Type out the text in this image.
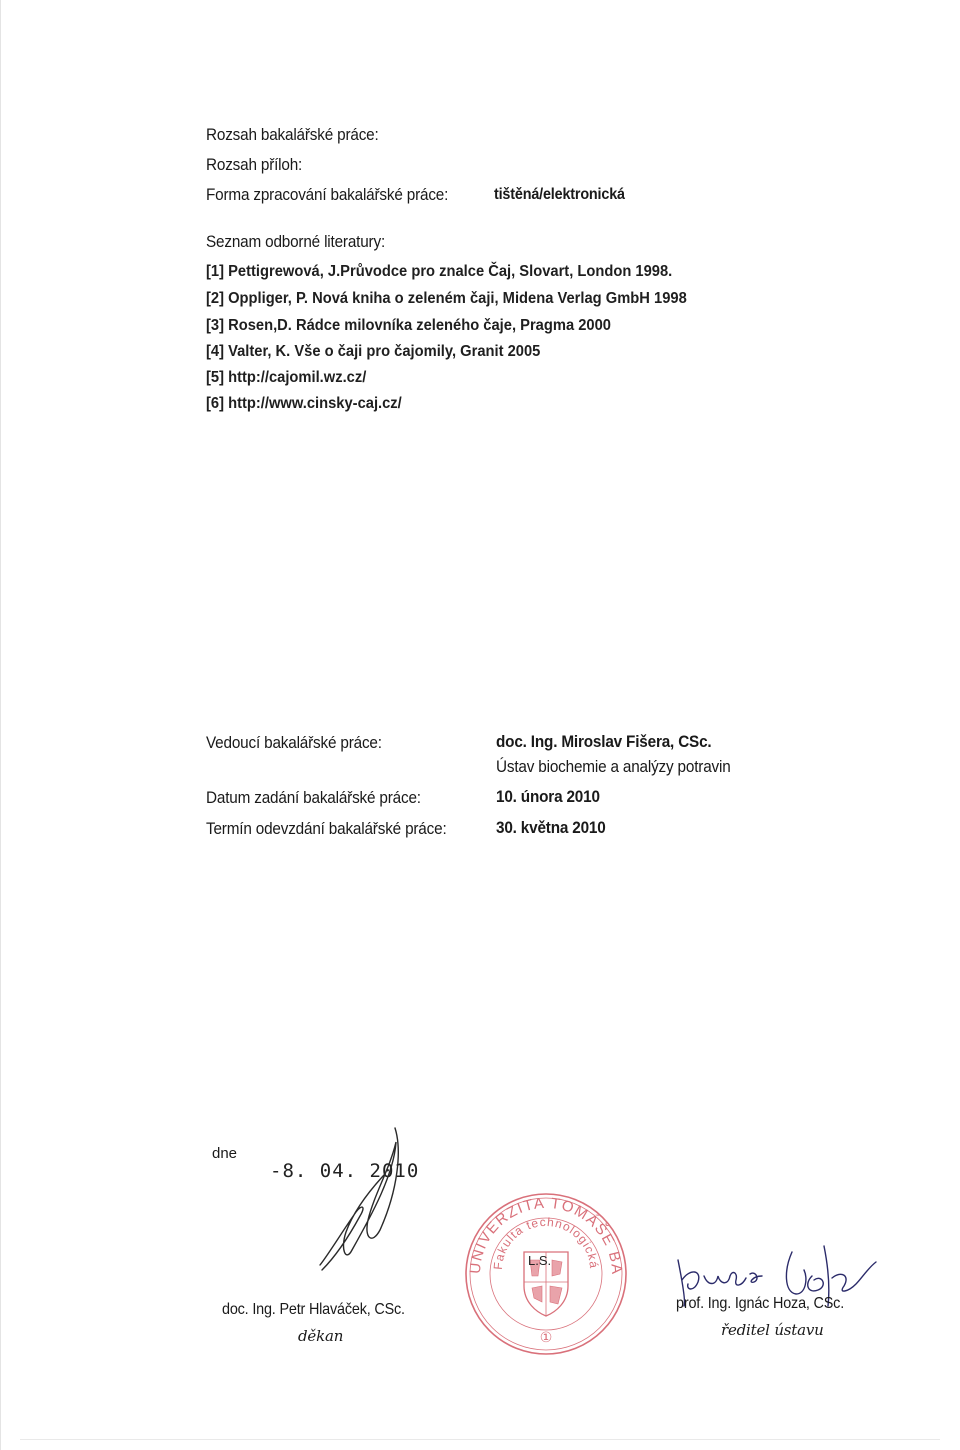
Rozsah bakalářské práce:
Rozsah příloh:
Forma zpracování bakalářské práce:	tištěná/elektronická
Seznam odborné literatury:
[1] Pettigrewová, J.Průvodce pro znalce Čaj, Slovart, London 1998.
[2] Oppliger, P. Nová kniha o zeleném čaji, Midena Verlag GmbH 1998
[3] Rosen,D. Rádce milovníka zeleného čaje, Pragma 2000
[4] Valter, K. Vše o čaji pro čajomily, Granit 2005
[5] http://cajomil.wz.cz/
[6] http://www.cinsky-caj.cz/
Vedoucí bakalářské práce:	doc. Ing. Miroslav Fišera, CSc.
Ústav biochemie a analýzy potravin
Datum zadání bakalářské práce:	10. února 2010
Termín odevzdání bakalářské práce:	30. května 2010
dne
-8. 04. 2010
doc. Ing. Petr Hlaváček, CSc.
děkan
UNIVERZITA TOMÁŠE BA
Fakulta technologická
①
L.S.
prof. Ing. Ignác Hoza, CSc.
ředitel ústavu
